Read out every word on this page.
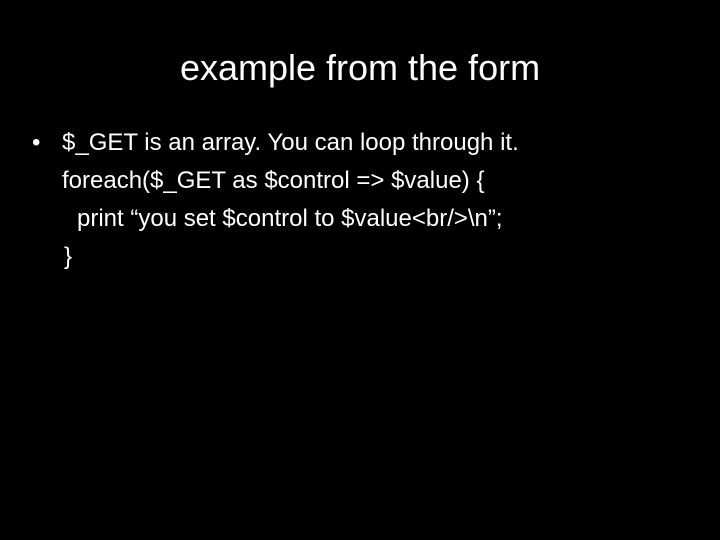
example from the form
• $_GET is an array. You can loop through it.
foreach($_GET as $control => $value) {
print “you set $control to $value<br/>\n”;
}
